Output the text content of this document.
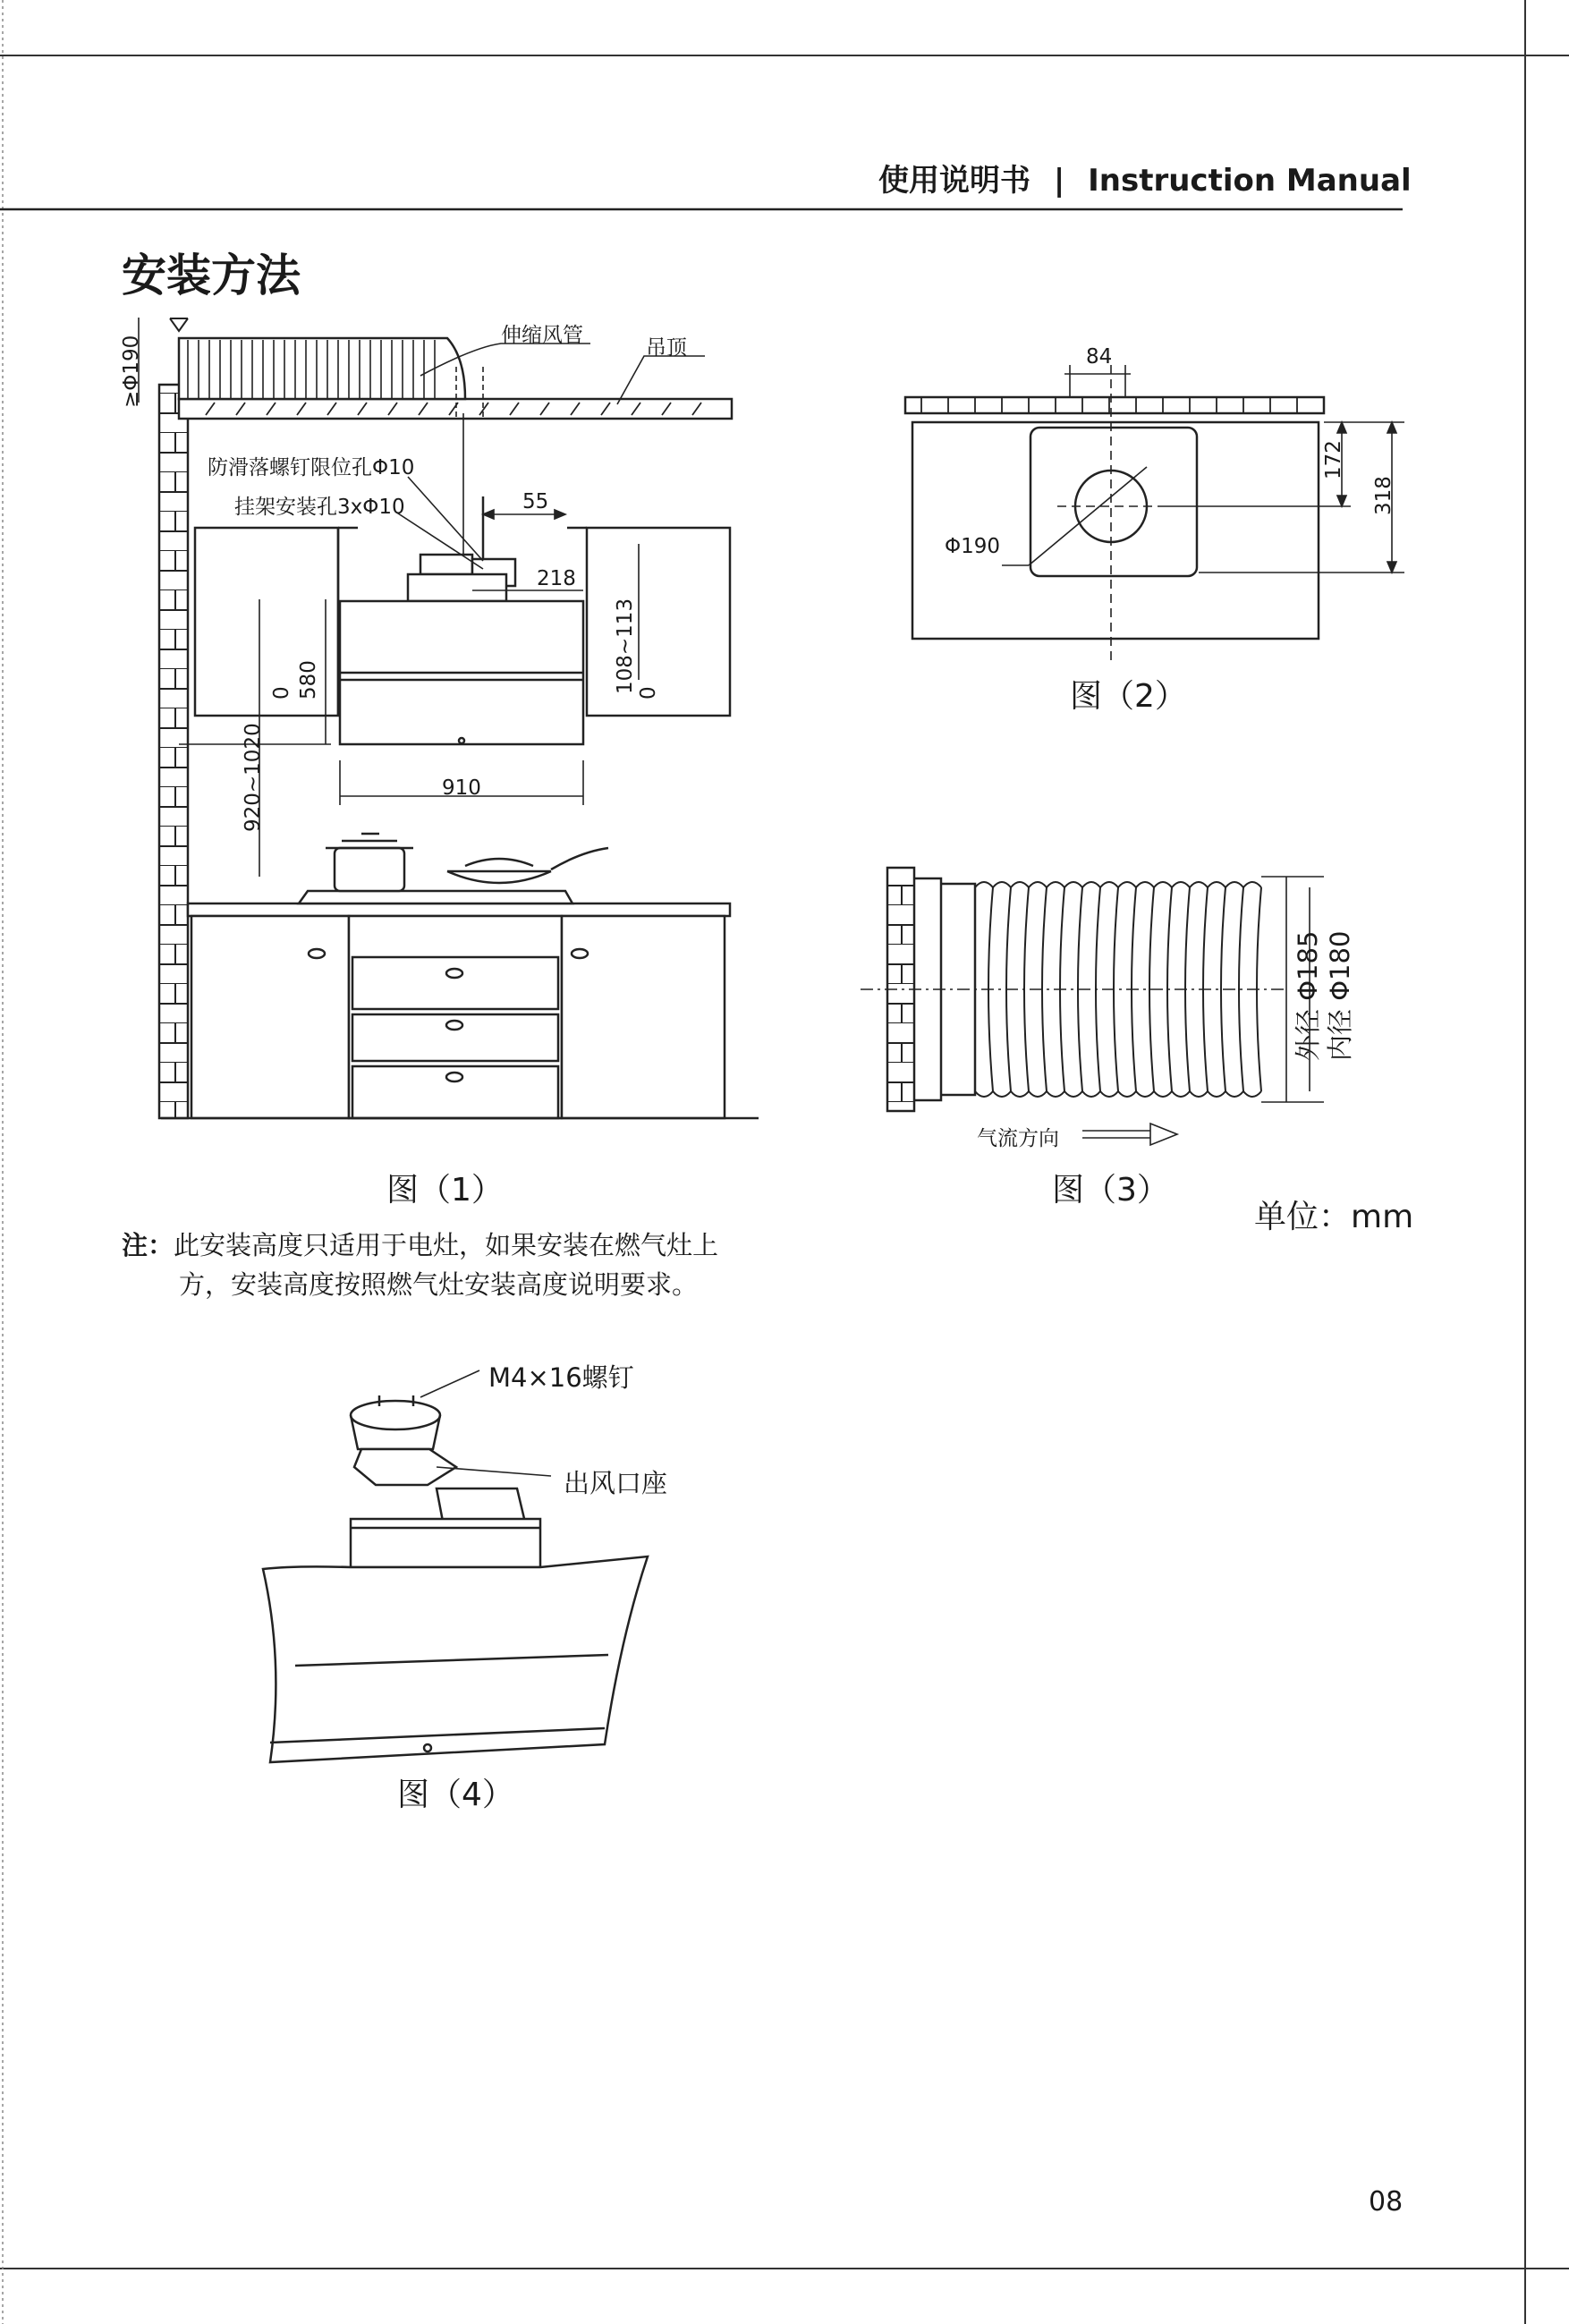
使用说明书 | Instruction Manual
安装方法
伸缩风管
吊顶
防滑落螺钉限位孔Φ10
挂架安装孔3xΦ10	55
218
910
580	108~113
920~1020
≥Φ190
0	0
图（1）
84
172
318
Φ190
图（2）
外径 Φ185 内径 Φ180
气流方向
图（3）
单位：mm
注：此安装高度只适用于电灶，如果安装在燃气灶上
方，安装高度按照燃气灶安装高度说明要求。
M4×16螺钉
出风口座
图（4）
08
